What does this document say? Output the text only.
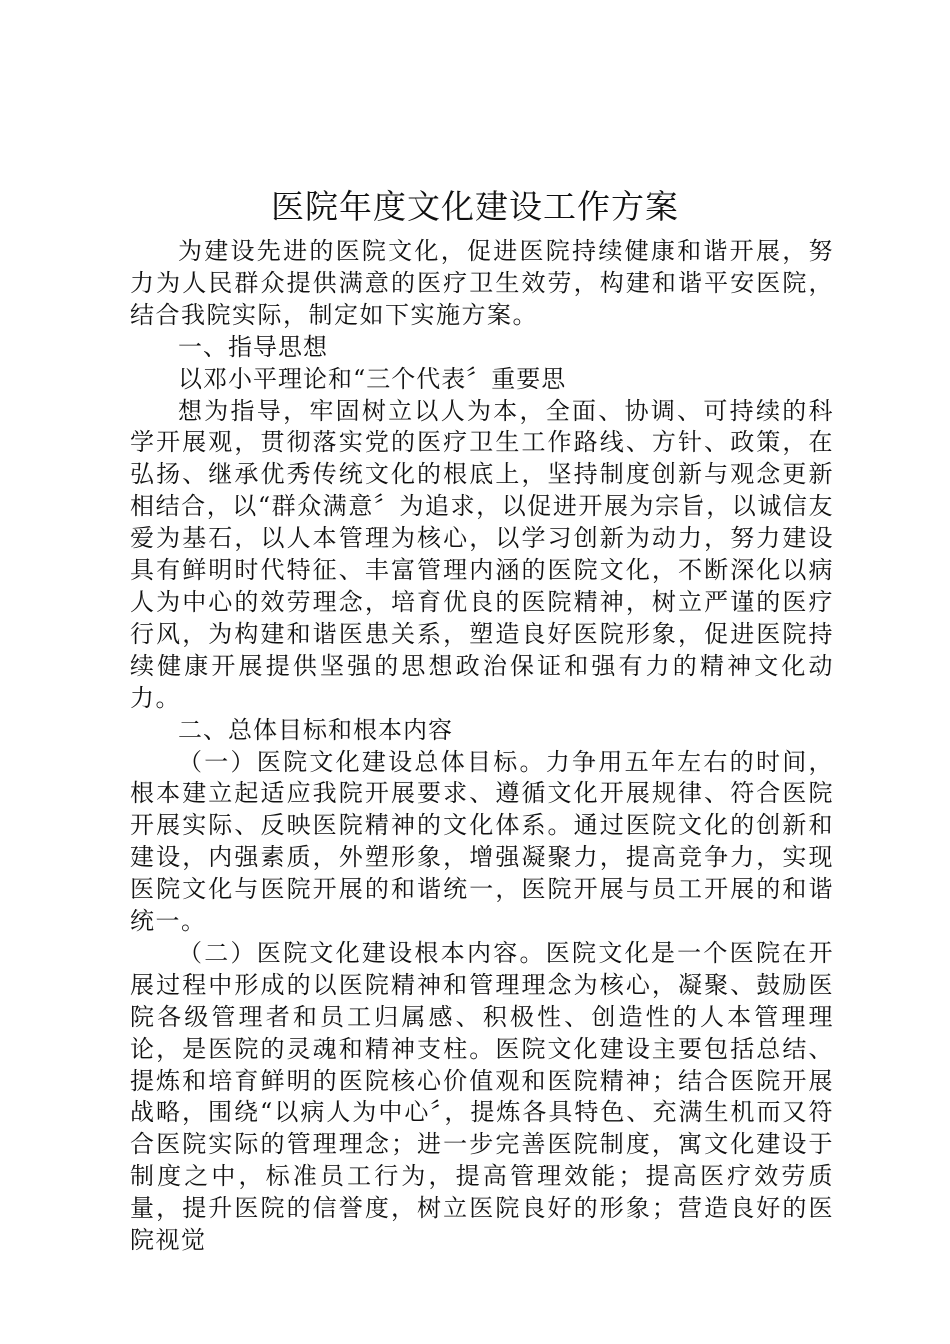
医院年度文化建设工作方案

为建设先进的医院文化，促进医院持续健康和谐开展，努力为人民群众提供满意的医疗卫生效劳，构建和谐平安医院，结合我院实际，制定如下实施方案。

一、指导思想

以邓小平理论和“三个代表〞重要思

想为指导，牢固树立以人为本，全面、协调、可持续的科学开展观，贯彻落实党的医疗卫生工作路线、方针、政策，在弘扬、继承优秀传统文化的根底上，坚持制度创新与观念更新相结合，以“群众满意〞为追求，以促进开展为宗旨，以诚信友爱为基石，以人本管理为核心，以学习创新为动力，努力建设具有鲜明时代特征、丰富管理内涵的医院文化，不断深化以病人为中心的效劳理念，培育优良的医院精神，树立严谨的医疗行风，为构建和谐医患关系，塑造良好医院形象，促进医院持续健康开展提供坚强的思想政治保证和强有力的精神文化动力。

二、总体目标和根本内容

（一）医院文化建设总体目标。力争用五年左右的时间，根本建立起适应我院开展要求、遵循文化开展规律、符合医院开展实际、反映医院精神的文化体系。通过医院文化的创新和建设，内强素质，外塑形象，增强凝聚力，提高竞争力，实现医院文化与医院开展的和谐统一，医院开展与员工开展的和谐统一。

（二）医院文化建设根本内容。医院文化是一个医院在开展过程中形成的以医院精神和管理理念为核心，凝聚、鼓励医院各级管理者和员工归属感、积极性、创造性的人本管理理论，是医院的灵魂和精神支柱。医院文化建设主要包括总结、提炼和培育鲜明的医院核心价值观和医院精神；结合医院开展战略，围绕“以病人为中心〞，提炼各具特色、充满生机而又符合医院实际的管理理念；进一步完善医院制度，寓文化建设于制度之中，标准员工行为，提高管理效能；提高医疗效劳质量，提升医院的信誉度，树立医院良好的形象；营造良好的医院视觉
